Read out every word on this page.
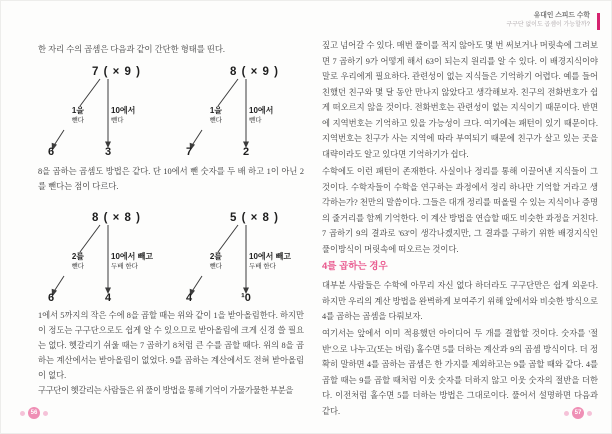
한 자리 수의 곱셈은 다음과 같이 간단한 형태를 띤다.

7 ( × 9 )
1을
뺀다
10에서
뺀다
6	3
8 ( × 9 )
1을
뺀다
10에서
뺀다
7	2

8을 곱하는 곱셈도 방법은 같다. 단 10에서 뺀 숫자를 두 배 하고 1이 아닌 2를 뺀다는 점이 다르다.

8 ( × 8 )
2를
뺀다
10에서 빼고
두배 한다
6	4
5 ( × 8 )
2를
뺀다
10에서 빼고
두배 한다
4	¹0

1에서 5까지의 작은 수에 8을 곱할 때는 위와 같이 1을 받아올림한다. 하지만 이 정도는 구구단으로도 쉽게 알 수 있으므로 받아올림에 크게 신경 쓸 필요는 없다. 헷갈리기 쉬울 때는 7 곱하기 8처럼 큰 수를 곱할 때다. 위의 8을 곱하는 계산에서는 받아올림이 없었다. 9를 곱하는 계산에서도 전혀 받아올림이 없다.

구구단이 헷갈리는 사람들은 위 풀이 방법을 통해 기억이 가물가물한 부분을

유대인 스피드 수학
구구단 없이도 곱셈이 가능할까?

짚고 넘어갈 수 있다. 매번 풀이를 적지 않아도 몇 번 써보거나 머릿속에 그려보면 7 곱하기 9가 어떻게 해서 63이 되는지 원리를 알 수 있다. 이 배경지식이야말로 우리에게 필요하다. 관련성이 없는 지식들은 기억하기 어렵다. 예를 들어 친했던 친구와 몇 달 동안 만나지 않았다고 생각해보자. 친구의 전화번호가 쉽게 떠오르지 않을 것이다. 전화번호는 관련성이 없는 지식이기 때문이다. 반면에 지역번호는 기억하고 있을 가능성이 크다. 여기에는 패턴이 있기 때문이다. 지역번호는 친구가 사는 지역에 따라 부여되기 때문에 친구가 살고 있는 곳을 대략이라도 알고 있다면 기억하기가 쉽다.

수학에도 이런 패턴이 존재한다. 사실이나 정리를 통해 이끌어낸 지식들이 그것이다. 수학자들이 수학을 연구하는 과정에서 정리 하나만 기억할 거라고 생각하는가? 천만의 말씀이다. 그들은 대개 정리를 떠올릴 수 있는 지식이나 증명의 줄거리를 함께 기억한다. 이 계산 방법을 연습할 때도 비슷한 과정을 거친다. 7 곱하기 9의 결과로 '63'이 생각나겠지만, 그 결과를 구하기 위한 배경지식인 풀이방식이 머릿속에 떠오르는 것이다.

4를 곱하는 경우

대부분 사람들은 수학에 아무리 자신 없다 하더라도 구구단만은 쉽게 외운다. 하지만 우리의 계산 방법을 완벽하게 보여주기 위해 앞에서와 비슷한 방식으로 4를 곱하는 곱셈을 다뤄보자.

여기서는 앞에서 이미 적용했던 아이디어 두 개를 결합할 것이다. 숫자를 '절반'으로 나누고(또는 버림) 홀수면 5를 더하는 계산과 9의 곱셈 방식이다. 더 정확히 말하면 4를 곱하는 곱셈은 한 가지를 제외하고는 9를 곱할 때와 같다. 4를 곱할 때는 9를 곱할 때처럼 이웃 숫자를 더하지 않고 이웃 숫자의 절반을 더한다. 이전처럼 홀수면 5를 더하는 방법은 그대로이다. 풀어서 설명하면 다음과 같다.

56	57
